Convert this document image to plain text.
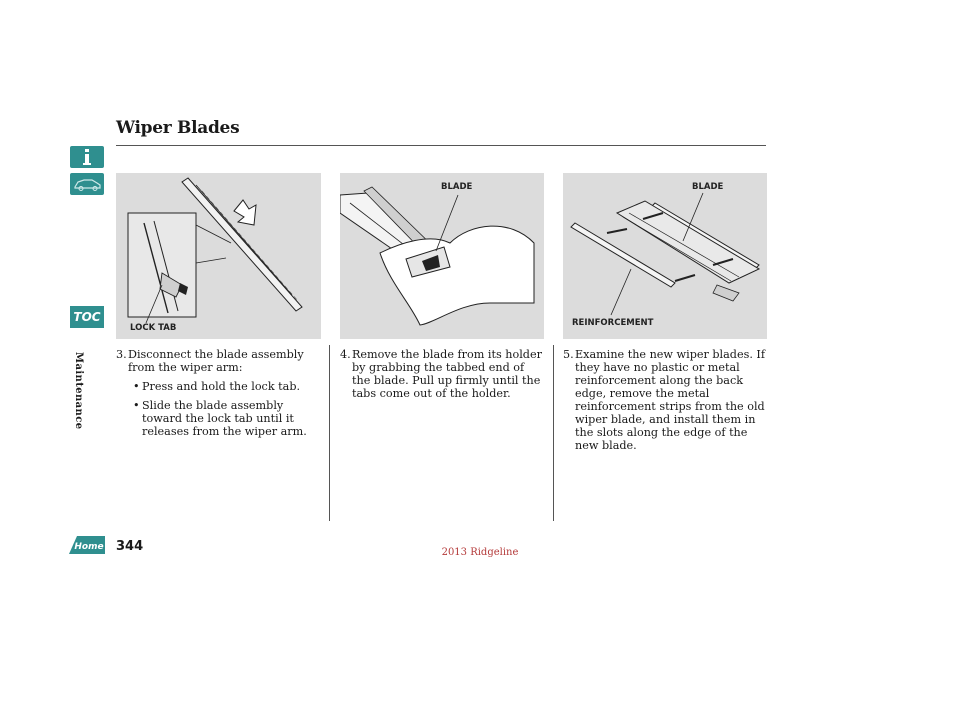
TOC
Maintenance
Home
Wiper Blades
LOCK TAB
BLADE	BLADE
REINFORCEMENT
3. Disconnect the blade assembly from the wiper arm:
• Press and hold the lock tab.
• Slide the blade assembly toward the lock tab until it releases from the wiper arm.
4. Remove the blade from its holder by grabbing the tabbed end of the blade. Pull up firmly until the tabs come out of the holder.
5. Examine the new wiper blades. If they have no plastic or metal reinforcement along the back edge, remove the metal reinforcement strips from the old wiper blade, and install them in the slots along the edge of the new blade.
344	2013 Ridgeline
